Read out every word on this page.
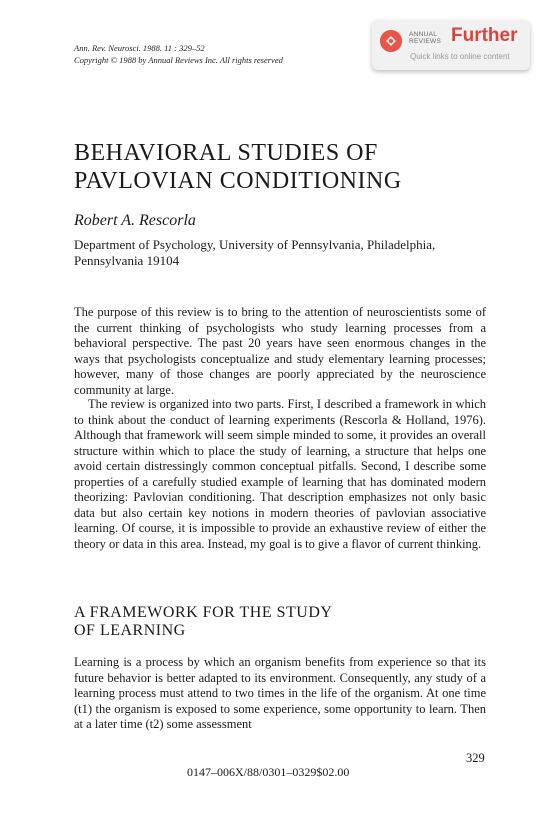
Ann. Rev. Neurosci. 1988. 11 : 329–52
Copyright © 1988 by Annual Reviews Inc. All rights reserved
ANNUAL
REVIEWS Further
Quick links to online content
BEHAVIORAL STUDIES OF
PAVLOVIAN CONDITIONING
Robert A. Rescorla
Department of Psychology, University of Pennsylvania, Philadelphia, Pennsylvania 19104

The purpose of this review is to bring to the attention of neuroscientists some of the current thinking of psychologists who study learning processes from a behavioral perspective. The past 20 years have seen enormous changes in the ways that psychologists conceptualize and study elementary learning processes; however, many of those changes are poorly appreciated by the neuroscience community at large.

The review is organized into two parts. First, I described a framework in which to think about the conduct of learning experiments (Rescorla & Holland, 1976). Although that framework will seem simple minded to some, it provides an overall structure within which to place the study of learning, a structure that helps one avoid certain distressingly common conceptual pitfalls. Second, I describe some properties of a carefully studied example of learning that has dominated modern theorizing: Pavlovian conditioning. That description emphasizes not only basic data but also certain key notions in modern theories of pavlovian associative learning. Of course, it is impossible to provide an exhaustive review of either the theory or data in this area. Instead, my goal is to give a flavor of current thinking.

A FRAMEWORK FOR THE STUDY
OF LEARNING

Learning is a process by which an organism benefits from experience so that its future behavior is better adapted to its environment. Consequently, any study of a learning process must attend to two times in the life of the organism. At one time (t1) the organism is exposed to some experience, some opportunity to learn. Then at a later time (t2) some assessment

329
0147–006X/88/0301–0329$02.00
